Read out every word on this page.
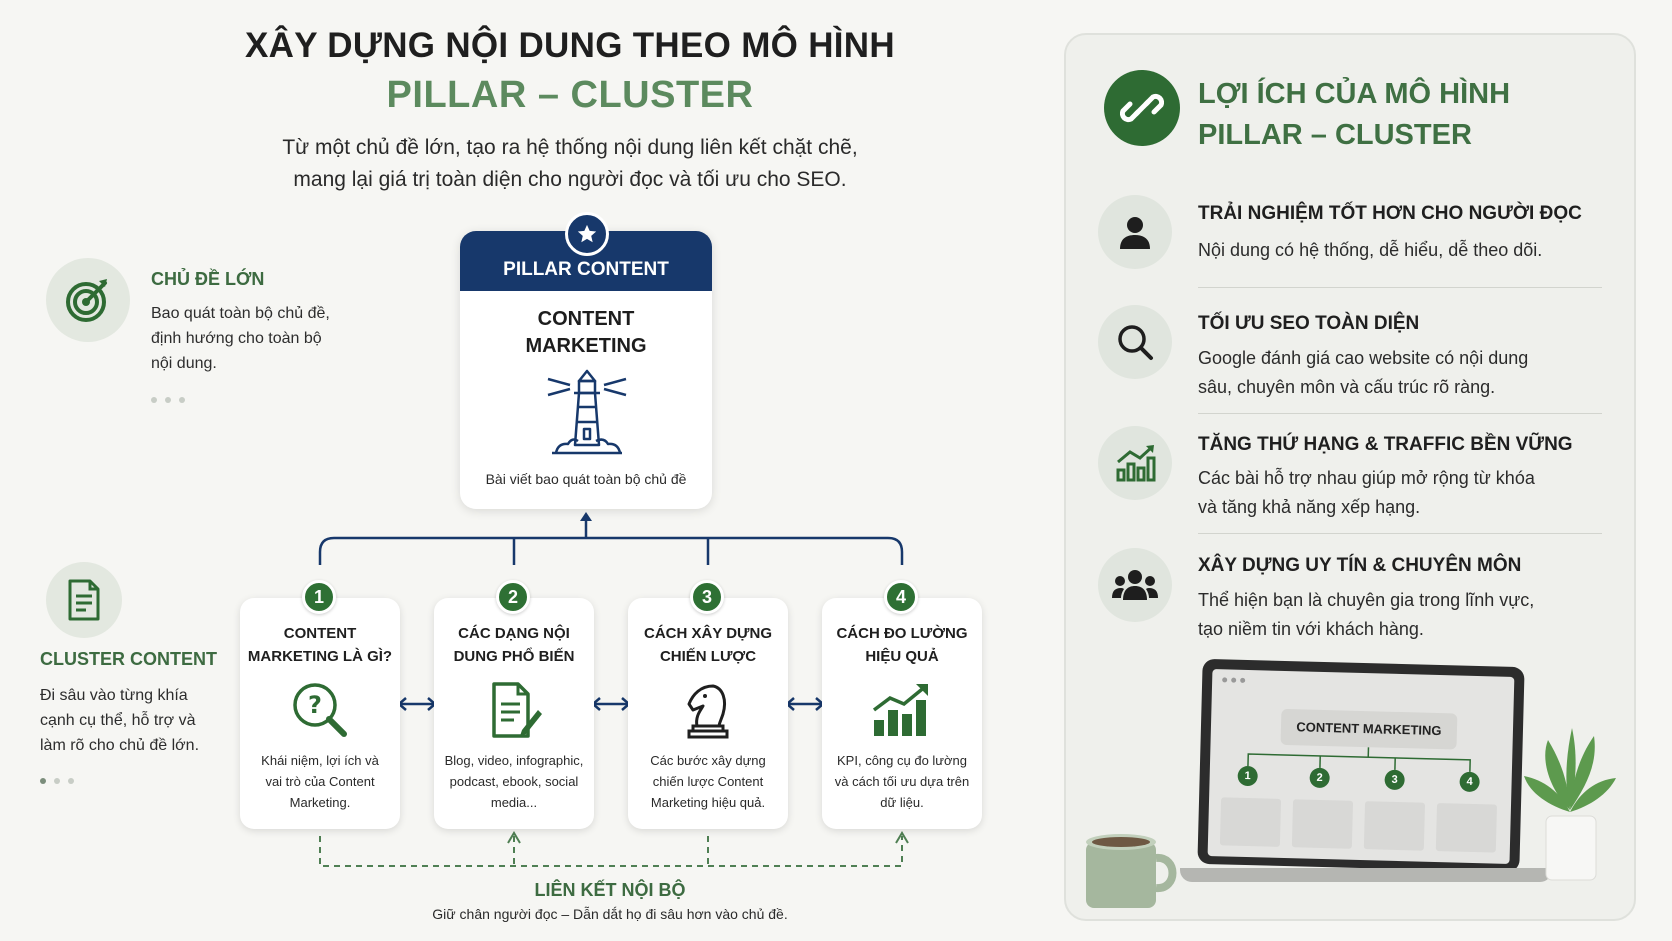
XÂY DỰNG NỘI DUNG THEO MÔ HÌNH
PILLAR – CLUSTER
Từ một chủ đề lớn, tạo ra hệ thống nội dung liên kết chặt chẽ,
mang lại giá trị toàn diện cho người đọc và tối ưu cho SEO.
CHỦ ĐỀ LỚN
Bao quát toàn bộ chủ đề,
định hướng cho toàn bộ
nội dung.
CLUSTER CONTENT
Đi sâu vào từng khía
cạnh cụ thể, hỗ trợ và
làm rõ cho chủ đề lớn.
PILLAR CONTENT
CONTENT
MARKETING
Bài viết bao quát toàn bộ chủ đề
CONTENT
MARKETING LÀ GÌ?
?
Khái niệm, lợi ích và
vai trò của Content
Marketing.
1
CÁC DẠNG NỘI
DUNG PHỔ BIẾN
Blog, video, infographic,
podcast, ebook, social
media...
2
CÁCH XÂY DỰNG
CHIẾN LƯỢC
Các bước xây dựng
chiến lược Content
Marketing hiệu quả.
3
CÁCH ĐO LƯỜNG
HIỆU QUẢ
KPI, công cụ đo lường
và cách tối ưu dựa trên
dữ liệu.
4
LIÊN KẾT NỘI BỘ
Giữ chân người đọc – Dẫn dắt họ đi sâu hơn vào chủ đề.
LỢI ÍCH CỦA MÔ HÌNH
PILLAR – CLUSTER
TRẢI NGHIỆM TỐT HƠN CHO NGƯỜI ĐỌC
Nội dung có hệ thống, dễ hiểu, dễ theo dõi.
TỐI ƯU SEO TOÀN DIỆN
Google đánh giá cao website có nội dung
sâu, chuyên môn và cấu trúc rõ ràng.
TĂNG THỨ HẠNG & TRAFFIC BỀN VỮNG
Các bài hỗ trợ nhau giúp mở rộng từ khóa
và tăng khả năng xếp hạng.
XÂY DỰNG UY TÍN & CHUYÊN MÔN
Thể hiện bạn là chuyên gia trong lĩnh vực,
tạo niềm tin với khách hàng.
CONTENT MARKETING
1	2	3	4
